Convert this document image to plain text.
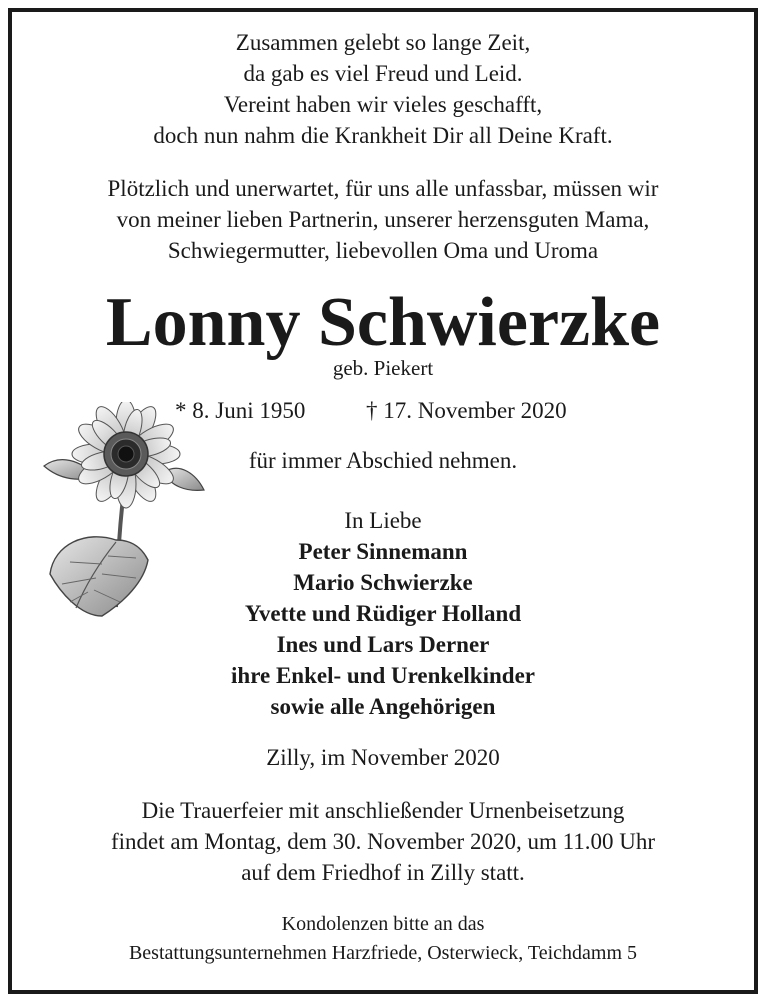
Zusammen gelebt so lange Zeit,
da gab es viel Freud und Leid.
Vereint haben wir vieles geschafft,
doch nun nahm die Krankheit Dir all Deine Kraft.
Plötzlich und unerwartet, für uns alle unfassbar, müssen wir
von meiner lieben Partnerin, unserer herzensguten Mama,
Schwiegermutter, liebevollen Oma und Uroma
Lonny Schwierzke
geb. Piekert
* 8. Juni 1950	† 17. November 2020
für immer Abschied nehmen.
In Liebe
Peter Sinnemann
Mario Schwierzke
Yvette und Rüdiger Holland
Ines und Lars Derner
ihre Enkel- und Urenkelkinder
sowie alle Angehörigen
Zilly, im November 2020
Die Trauerfeier mit anschließender Urnenbeisetzung
findet am Montag, dem 30. November 2020, um 11.00 Uhr
auf dem Friedhof in Zilly statt.
Kondolenzen bitte an das
Bestattungsunternehmen Harzfriede, Osterwieck, Teichdamm 5
